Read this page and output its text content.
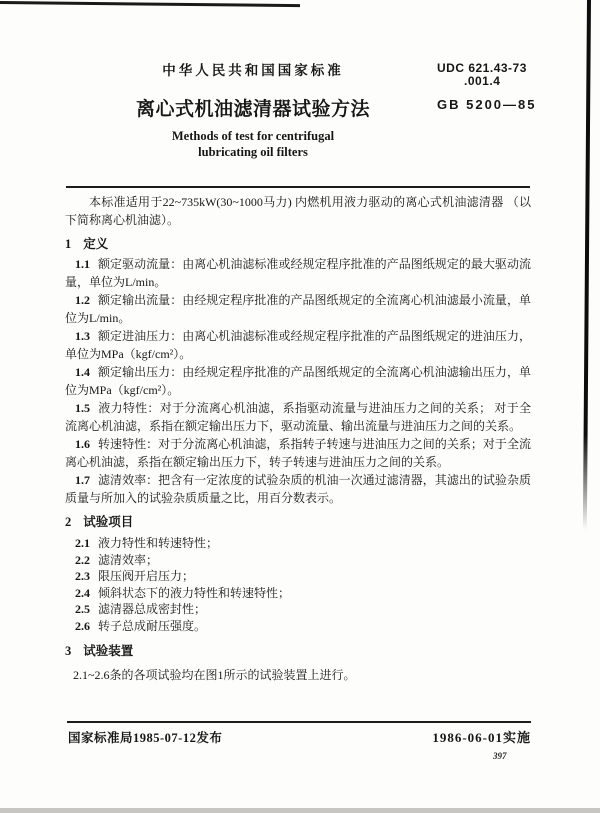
中华人民共和国国家标准
离心式机油滤清器试验方法
Methods of test for centrifugal
lubricating oil filters
UDC 621.43-73
.001.4
GB 5200—85

本标准适用于22~735kW(30~1000马力) 内燃机用液力驱动的离心式机油滤清器 （以下简称离心机油滤）。

1 定义

1.1 额定驱动流量：由离心机油滤标准或经规定程序批准的产品图纸规定的最大驱动流量，单位为L/min。

1.2 额定输出流量：由经规定程序批准的产品图纸规定的全流离心机油滤最小流量，单位为L/min。

1.3 额定进油压力：由离心机油滤标准或经规定程序批准的产品图纸规定的进油压力，单位为MPa（kgf/cm²）。

1.4 额定输出压力：由经规定程序批准的产品图纸规定的全流离心机油滤输出压力，单位为MPa（kgf/cm²）。

1.5 液力特性：对于分流离心机油滤，系指驱动流量与进油压力之间的关系； 对于全流离心机油滤，系指在额定输出压力下，驱动流量、输出流量与进油压力之间的关系。

1.6 转速特性：对于分流离心机油滤，系指转子转速与进油压力之间的关系；对于全流离心机油滤，系指在额定输出压力下，转子转速与进油压力之间的关系。

1.7 滤清效率：把含有一定浓度的试验杂质的机油一次通过滤清器，其滤出的试验杂质质量与所加入的试验杂质质量之比，用百分数表示。

2 试验项目

2.1 液力特性和转速特性；

2.2 滤清效率；

2.3 限压阀开启压力；

2.4 倾斜状态下的液力特性和转速特性；

2.5 滤清器总成密封性；

2.6 转子总成耐压强度。

3 试验装置

2.1~2.6条的各项试验均在图1所示的试验装置上进行。

国家标准局1985-07-12发布	1986-06-01实施
397
